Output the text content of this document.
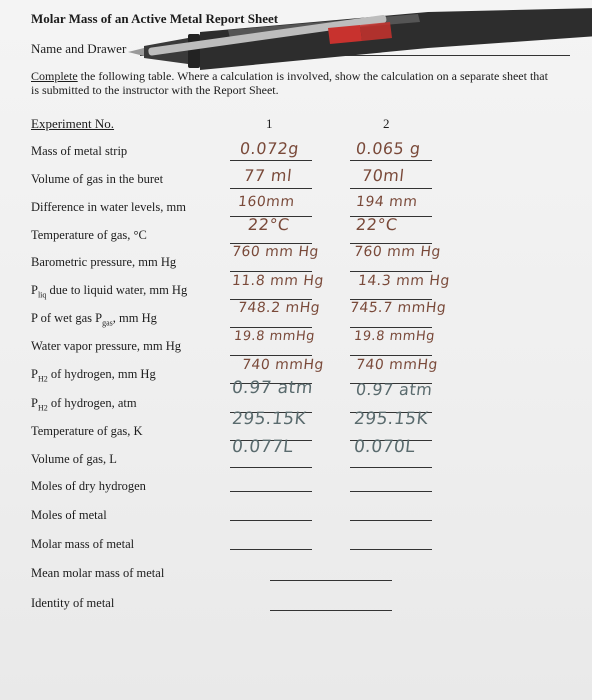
Molar Mass of an Active Metal Report Sheet
Name and Drawer
Complete the following table. Where a calculation is involved, show the calculation on a separate sheet that is submitted to the instructor with the Report Sheet.
Experiment No.	1	2
Mass of metal strip
Volume of gas in the buret
Difference in water levels, mm
Temperature of gas, °C
Barometric pressure, mm Hg
$P_{liq}$ due to liquid water, mm Hg
P of wet gas $P_{gas}$, mm Hg
Water vapor pressure, mm Hg
$P_{H2}$ of hydrogen, mm Hg
$P_{H2}$ of hydrogen, atm
Temperature of gas, K
Volume of gas, L
Moles of dry hydrogen
Moles of metal
Molar mass of metal
Mean molar mass of metal
Identity of metal
0.072g
77 ml
160mm
22°C
760 mm Hg
11.8 mm Hg
748.2 mHg
19.8 mmHg
740 mmHg
0.97 atm
295.15K
0.077L
0.065 g
70ml
194 mm
22°C
760 mm Hg
14.3 mm Hg
745.7 mmHg
19.8 mmHg
740 mmHg
0.97 atm
295.15K
0.070L
